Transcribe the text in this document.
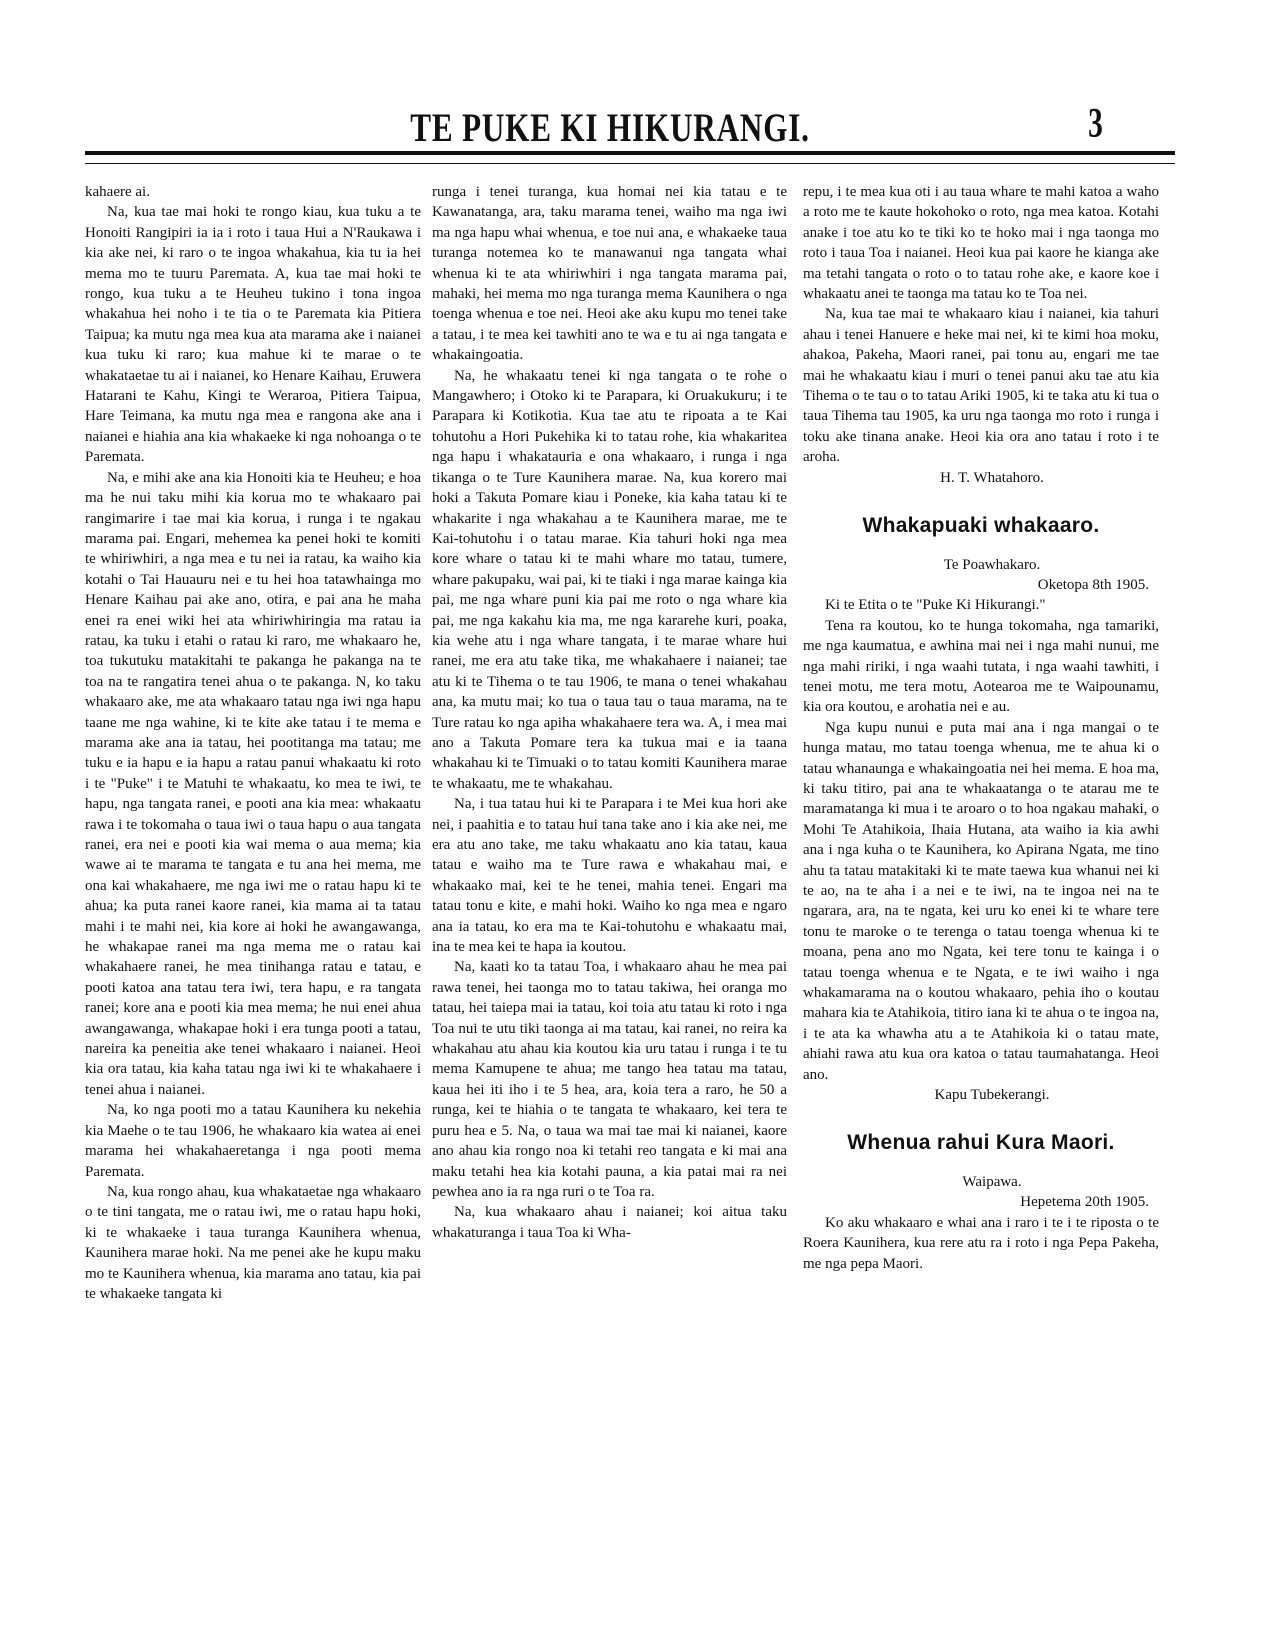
TE PUKE KI HIKURANGI.	3

kahaere ai.

Na, kua tae mai hoki te rongo kiau, kua tuku a te Honoiti Rangipiri ia ia i roto i taua Hui a N'Raukawa i kia ake nei, ki raro o te ingoa whakahua, kia tu ia hei mema mo te tuuru Paremata. A, kua tae mai hoki te rongo, kua tuku a te Heuheu tukino i tona ingoa whakahua hei noho i te tia o te Paremata kia Pitiera Taipua; ka mutu nga mea kua ata marama ake i naianei kua tuku ki raro; kua mahue ki te marae o te whakataetae tu ai i naianei, ko Henare Kaihau, Eruwera Hatarani te Kahu, Kingi te Weraroa, Pitiera Taipua, Hare Teimana, ka mutu nga mea e rangona ake ana i naianei e hiahia ana kia whakaeke ki nga nohoanga o te Paremata.

Na, e mihi ake ana kia Honoiti kia te Heuheu; e hoa ma he nui taku mihi kia korua mo te whakaaro pai rangimarire i tae mai kia korua, i runga i te ngakau marama pai. Engari, mehemea ka penei hoki te komiti te whiriwhiri, a nga mea e tu nei ia ratau, ka waiho kia kotahi o Tai Hauauru nei e tu hei hoa tatawhainga mo Henare Kaihau pai ake ano, otira, e pai ana he maha enei ra enei wiki hei ata whiriwhiringia ma ratau ia ratau, ka tuku i etahi o ratau ki raro, me whakaaro he, toa tukutuku matakitahi te pakanga he pakanga na te toa na te rangatira tenei ahua o te pakanga. N, ko taku whakaaro ake, me ata whakaaro tatau nga iwi nga hapu taane me nga wahine, ki te kite ake tatau i te mema e marama ake ana ia tatau, hei pootitanga ma tatau; me tuku e ia hapu e ia hapu a ratau panui whakaatu ki roto i te "Puke" i te Matuhi te whakaatu, ko mea te iwi, te hapu, nga tangata ranei, e pooti ana kia mea: whakaatu rawa i te tokomaha o taua iwi o taua hapu o aua tangata ranei, era nei e pooti kia wai mema o aua mema; kia wawe ai te marama te tangata e tu ana hei mema, me ona kai whakahaere, me nga iwi me o ratau hapu ki te ahua; ka puta ranei kaore ranei, kia mama ai ta tatau mahi i te mahi nei, kia kore ai hoki he awangawanga, he whakapae ranei ma nga mema me o ratau kai whakahaere ranei, he mea tinihanga ratau e tatau, e pooti katoa ana tatau tera iwi, tera hapu, e ra tangata ranei; kore ana e pooti kia mea mema; he nui enei ahua awangawanga, whakapae hoki i era tunga pooti a tatau, nareira ka peneitia ake tenei whakaaro i naianei. Heoi kia ora tatau, kia kaha tatau nga iwi ki te whakahaere i tenei ahua i naianei.

Na, ko nga pooti mo a tatau Kaunihera ku nekehia kia Maehe o te tau 1906, he whakaaro kia watea ai enei marama hei whakahaeretanga i nga pooti mema Paremata.

Na, kua rongo ahau, kua whakataetae nga whakaaro o te tini tangata, me o ratau iwi, me o ratau hapu hoki, ki te whakaeke i taua turanga Kaunihera whenua, Kaunihera marae hoki. Na me penei ake he kupu maku mo te Kaunihera whenua, kia marama ano tatau, kia pai te whakaeke tangata ki

runga i tenei turanga, kua homai nei kia tatau e te Kawanatanga, ara, taku marama tenei, waiho ma nga iwi ma nga hapu whai whenua, e toe nui ana, e whakaeke taua turanga notemea ko te manawanui nga tangata whai whenua ki te ata whiriwhiri i nga tangata marama pai, mahaki, hei mema mo nga turanga mema Kaunihera o nga toenga whenua e toe nei. Heoi ake aku kupu mo tenei take a tatau, i te mea kei tawhiti ano te wa e tu ai nga tangata e whakaingoatia.

Na, he whakaatu tenei ki nga tangata o te rohe o Mangawhero; i Otoko ki te Parapara, ki Oruakukuru; i te Parapara ki Kotikotia. Kua tae atu te ripoata a te Kai tohutohu a Hori Pukehika ki to tatau rohe, kia whakaritea nga hapu i whakatauria e ona whakaaro, i runga i nga tikanga o te Ture Kaunihera marae. Na, kua korero mai hoki a Takuta Pomare kiau i Poneke, kia kaha tatau ki te whakarite i nga whakahau a te Kaunihera marae, me te Kai-tohutohu i o tatau marae. Kia tahuri hoki nga mea kore whare o tatau ki te mahi whare mo tatau, tumere, whare pakupaku, wai pai, ki te tiaki i nga marae kainga kia pai, me nga whare puni kia pai me roto o nga whare kia pai, me nga kakahu kia ma, me nga kararehe kuri, poaka, kia wehe atu i nga whare tangata, i te marae whare hui ranei, me era atu take tika, me whakahaere i naianei; tae atu ki te Tihema o te tau 1906, te mana o tenei whakahau ana, ka mutu mai; ko tua o taua tau o taua marama, na te Ture ratau ko nga apiha whakahaere tera wa. A, i mea mai ano a Takuta Pomare tera ka tukua mai e ia taana whakahau ki te Timuaki o to tatau komiti Kaunihera marae te whakaatu, me te whakahau.

Na, i tua tatau hui ki te Parapara i te Mei kua hori ake nei, i paahitia e to tatau hui tana take ano i kia ake nei, me era atu ano take, me taku whakaatu ano kia tatau, kaua tatau e waiho ma te Ture rawa e whakahau mai, e whakaako mai, kei te he tenei, mahia tenei. Engari ma tatau tonu e kite, e mahi hoki. Waiho ko nga mea e ngaro ana ia tatau, ko era ma te Kai-tohutohu e whakaatu mai, ina te mea kei te hapa ia koutou.

Na, kaati ko ta tatau Toa, i whakaaro ahau he mea pai rawa tenei, hei taonga mo to tatau takiwa, hei oranga mo tatau, hei taiepa mai ia tatau, koi toia atu tatau ki roto i nga Toa nui te utu tiki taonga ai ma tatau, kai ranei, no reira ka whakahau atu ahau kia koutou kia uru tatau i runga i te tu mema Kamupene te ahua; me tango hea tatau ma tatau, kaua hei iti iho i te 5 hea, ara, koia tera a raro, he 50 a runga, kei te hiahia o te tangata te whakaaro, kei tera te puru hea e 5. Na, o taua wa mai tae mai ki naianei, kaore ano ahau kia rongo noa ki tetahi reo tangata e ki mai ana maku tetahi hea kia kotahi pauna, a kia patai mai ra nei pewhea ano ia ra nga ruri o te Toa ra.

Na, kua whakaaro ahau i naianei; koi aitua taku whakaturanga i taua Toa ki Wha-

repu, i te mea kua oti i au taua whare te mahi katoa a waho a roto me te kaute hokohoko o roto, nga mea katoa. Kotahi anake i toe atu ko te tiki ko te hoko mai i nga taonga mo roto i taua Toa i naianei. Heoi kua pai kaore he kianga ake ma tetahi tangata o roto o to tatau rohe ake, e kaore koe i whakaatu anei te taonga ma tatau ko te Toa nei.

Na, kua tae mai te whakaaro kiau i naianei, kia tahuri ahau i tenei Hanuere e heke mai nei, ki te kimi hoa moku, ahakoa, Pakeha, Maori ranei, pai tonu au, engari me tae mai he whakaatu kiau i muri o tenei panui aku tae atu kia Tihema o te tau o to tatau Ariki 1905, ki te taka atu ki tua o taua Tihema tau 1905, ka uru nga taonga mo roto i runga i toku ake tinana anake. Heoi kia ora ano tatau i roto i te aroha.

H. T. Whatahoro.

Whakapuaki whakaaro.

Te Poawhakaro.

Oketopa 8th 1905.

Ki te Etita o te "Puke Ki Hikurangi."

Tena ra koutou, ko te hunga tokomaha, nga tamariki, me nga kaumatua, e awhina mai nei i nga mahi nunui, me nga mahi ririki, i nga waahi tutata, i nga waahi tawhiti, i tenei motu, me tera motu, Aotearoa me te Waipounamu, kia ora koutou, e arohatia nei e au.

Nga kupu nunui e puta mai ana i nga mangai o te hunga matau, mo tatau toenga whenua, me te ahua ki o tatau whanaunga e whakaingoatia nei hei mema. E hoa ma, ki taku titiro, pai ana te whakaatanga o te atarau me te maramatanga ki mua i te aroaro o to hoa ngakau mahaki, o Mohi Te Atahikoia, Ihaia Hutana, ata waiho ia kia awhi ana i nga kuha o te Kaunihera, ko Apirana Ngata, me tino ahu ta tatau matakitaki ki te mate taewa kua whanui nei ki te ao, na te aha i a nei e te iwi, na te ingoa nei na te ngarara, ara, na te ngata, kei uru ko enei ki te whare tere tonu te maroke o te terenga o tatau toenga whenua ki te moana, pena ano mo Ngata, kei tere tonu te kainga i o tatau toenga whenua e te Ngata, e te iwi waiho i nga whakamarama na o koutou whakaaro, pehia iho o koutau mahara kia te Atahikoia, titiro iana ki te ahua o te ingoa na, i te ata ka whawha atu a te Atahikoia ki o tatau mate, ahiahi rawa atu kua ora katoa o tatau taumahatanga. Heoi ano.

Kapu Tubekerangi.

Whenua rahui Kura Maori.

Waipawa.

Hepetema 20th 1905.

Ko aku whakaaro e whai ana i raro i te i te riposta o te Roera Kaunihera, kua rere atu ra i roto i nga Pepa Pakeha, me nga pepa Maori.
